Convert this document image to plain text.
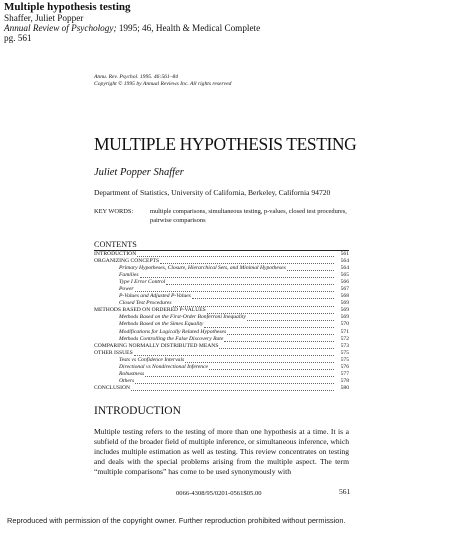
Multiple hypothesis testing
Shaffer, Juliet Popper
Annual Review of Psychology; 1995; 46, Health & Medical Complete
pg. 561
Annu. Rev. Psychol. 1995. 46:561–84
Copyright © 1995 by Annual Reviews Inc. All rights reserved
MULTIPLE HYPOTHESIS TESTING
Juliet Popper Shaffer
Department of Statistics, University of California, Berkeley, California 94720
KEY WORDS:	multiple comparisons, simultaneous testing, p-values, closed test procedures, pairwise comparisons
CONTENTS
INTRODUCTION	561
ORGANIZING CONCEPTS	564
Primary Hypotheses, Closure, Hierarchical Sets, and Minimal Hypotheses	564
Families	565
Type I Error Control	566
Power	567
P-Values and Adjusted P-Values	568
Closed Test Procedures	569
METHODS BASED ON ORDERED P-VALUES	569
Methods Based on the First-Order Bonferroni Inequality	569
Methods Based on the Simes Equality	570
Modifications for Logically Related Hypotheses	571
Methods Controlling the False Discovery Rate	572
COMPARING NORMALLY DISTRIBUTED MEANS	573
OTHER ISSUES	575
Tests vs Confidence Intervals	575
Directional vs Nondirectional Inference	576
Robustness	577
Others	578
CONCLUSION	580
INTRODUCTION
Multiple testing refers to the testing of more than one hypothesis at a time. It is a subfield of the broader field of multiple inference, or simultaneous inference, which includes multiple estimation as well as testing. This review concentrates on testing and deals with the special problems arising from the multiple aspect. The term “multiple comparisons” has come to be used synonymously with
0066-4308/95/0201-0561$05.00	561
Reproduced with permission of the copyright owner. Further reproduction prohibited without permission.
